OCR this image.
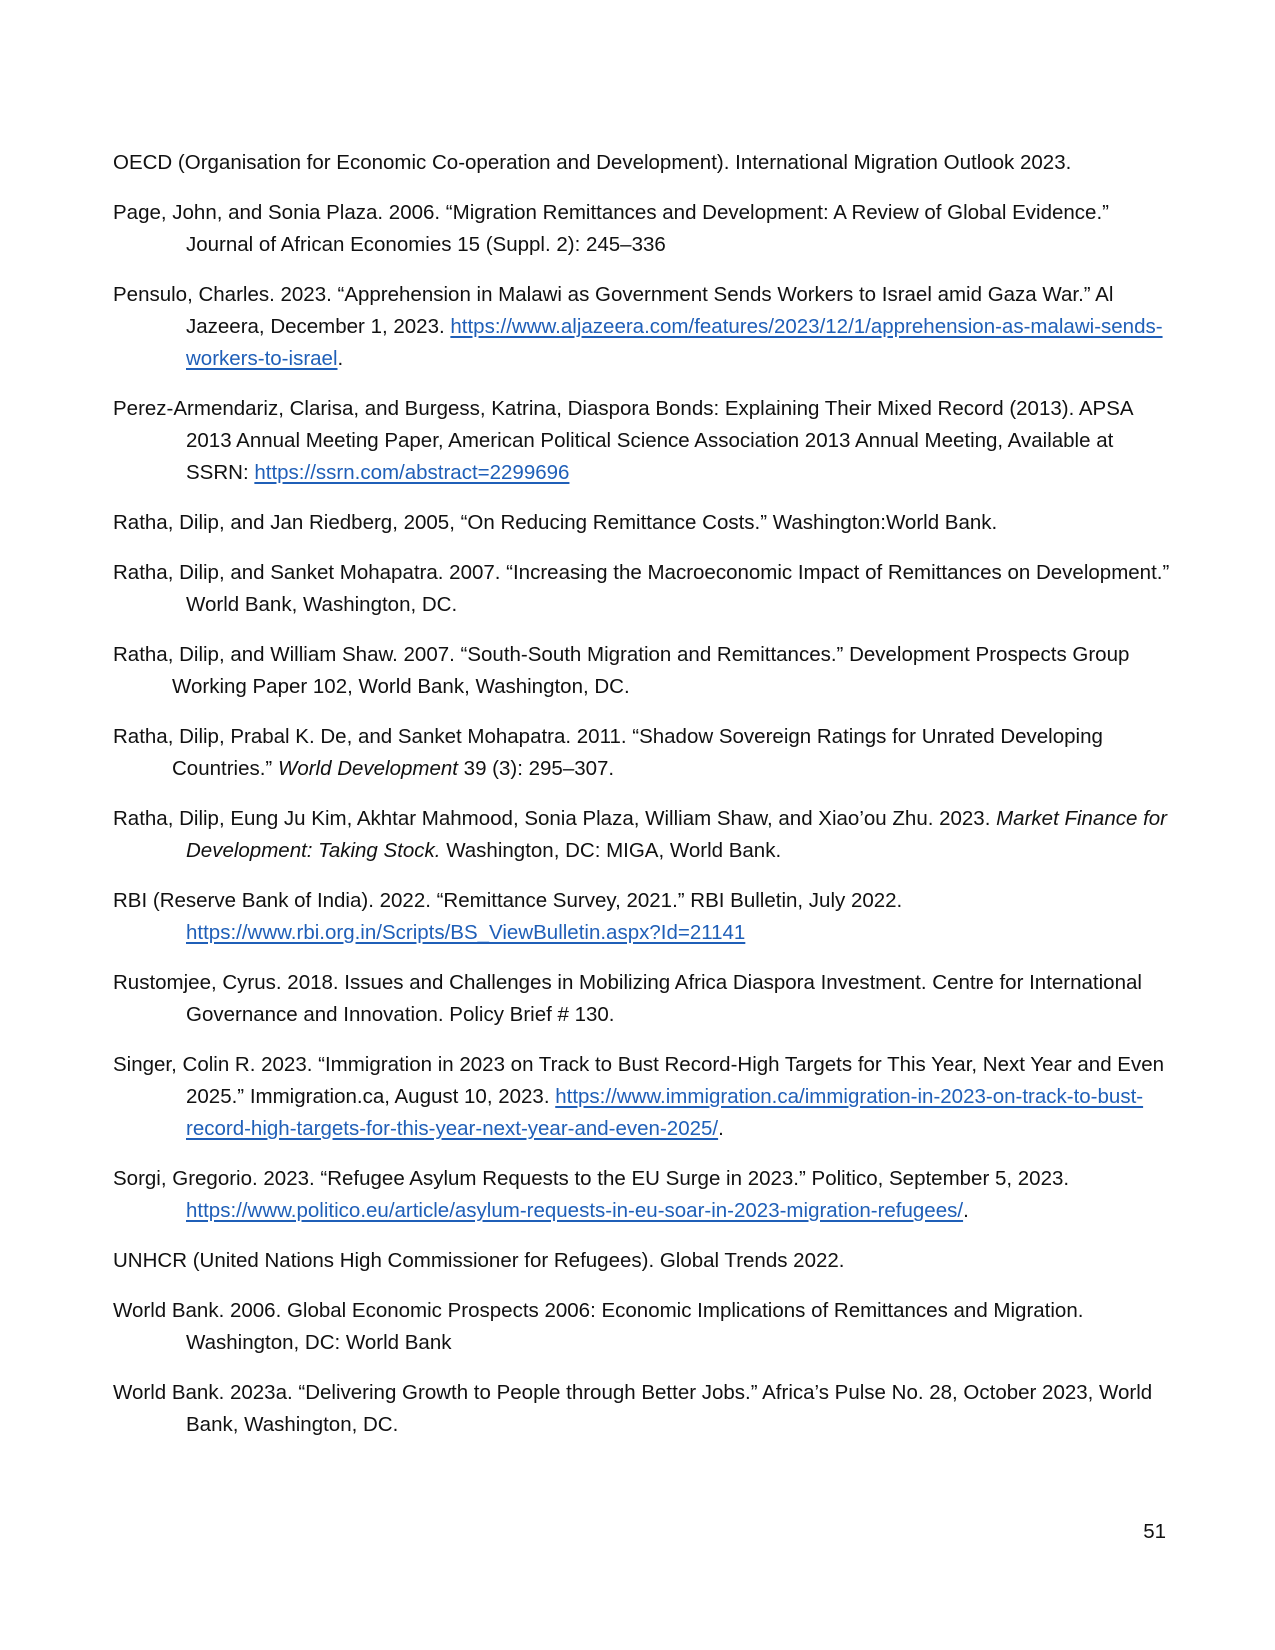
OECD (Organisation for Economic Co-operation and Development). International Migration Outlook 2023.

Page, John, and Sonia Plaza. 2006. “Migration Remittances and Development: A Review of Global Evidence.” Journal of African Economies 15 (Suppl. 2): 245–336

Pensulo, Charles. 2023. “Apprehension in Malawi as Government Sends Workers to Israel amid Gaza War.” Al Jazeera, December 1, 2023. https://www.aljazeera.com/features/2023/12/1/apprehension-as-malawi-sends-workers-to-israel.

Perez-Armendariz, Clarisa, and Burgess, Katrina, Diaspora Bonds: Explaining Their Mixed Record (2013). APSA 2013 Annual Meeting Paper, American Political Science Association 2013 Annual Meeting, Available at SSRN: https://ssrn.com/abstract=2299696

Ratha, Dilip, and Jan Riedberg, 2005, “On Reducing Remittance Costs.” Washington:World Bank.

Ratha, Dilip, and Sanket Mohapatra. 2007. “Increasing the Macroeconomic Impact of Remittances on Development.” World Bank, Washington, DC.

Ratha, Dilip, and William Shaw. 2007. “South-South Migration and Remittances.” Development Prospects Group Working Paper 102, World Bank, Washington, DC.

Ratha, Dilip, Prabal K. De, and Sanket Mohapatra. 2011. “Shadow Sovereign Ratings for Unrated Developing Countries.” World Development 39 (3): 295–307.

Ratha, Dilip, Eung Ju Kim, Akhtar Mahmood, Sonia Plaza, William Shaw, and Xiao’ou Zhu. 2023. Market Finance for Development: Taking Stock. Washington, DC: MIGA, World Bank.

RBI (Reserve Bank of India). 2022. “Remittance Survey, 2021.” RBI Bulletin, July 2022. https://www.rbi.org.in/Scripts/BS_ViewBulletin.aspx?Id=21141

Rustomjee, Cyrus. 2018. Issues and Challenges in Mobilizing Africa Diaspora Investment. Centre for International Governance and Innovation. Policy Brief # 130.

Singer, Colin R. 2023. “Immigration in 2023 on Track to Bust Record-High Targets for This Year, Next Year and Even 2025.” Immigration.ca, August 10, 2023. https://www.immigration.ca/immigration-in-2023-on-track-to-bust-record-high-targets-for-this-year-next-year-and-even-2025/.

Sorgi, Gregorio. 2023. “Refugee Asylum Requests to the EU Surge in 2023.” Politico, September 5, 2023. https://www.politico.eu/article/asylum-requests-in-eu-soar-in-2023-migration-refugees/.

UNHCR (United Nations High Commissioner for Refugees). Global Trends 2022.

World Bank. 2006. Global Economic Prospects 2006: Economic Implications of Remittances and Migration. Washington, DC: World Bank

World Bank. 2023a. “Delivering Growth to People through Better Jobs.” Africa’s Pulse No. 28, October 2023, World Bank, Washington, DC.

51
